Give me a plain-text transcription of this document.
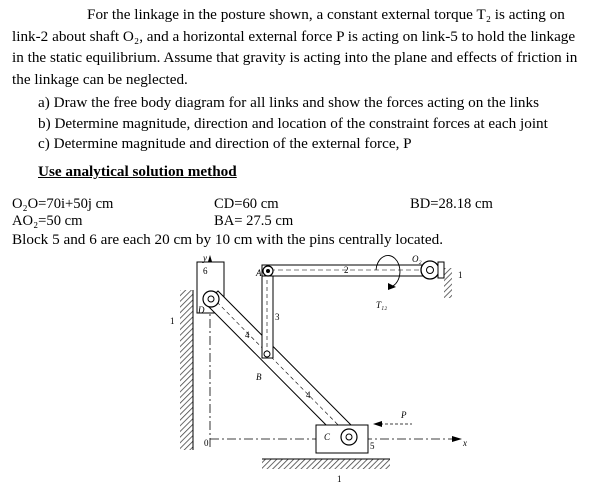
For the linkage in the posture shown, a constant external torque T₂ is acting on
link-2 about shaft O₂, and a horizontal external force P is acting on link-5 to hold the linkage
in the static equilibrium. Assume that gravity is acting into the plane and effects of friction in
the linkage can be neglected.

a) Draw the free body diagram for all links and show the forces acting on the links
b) Determine magnitude, direction and location of the constraint forces at each joint
c) Determine magnitude and direction of the external force, P
Use analytical solution method
O₂O=70i+50j cm
AO₂=50 cm
CD=60 cm
BA= 27.5 cm
BD=28.18 cm
Block 5 and 6 are each 20 cm by 10 cm with the pins centrally located.
y
x
0
O₂
1
1
1
2
3
4
4
5
6	A
B
C
D	T₁₂
P
